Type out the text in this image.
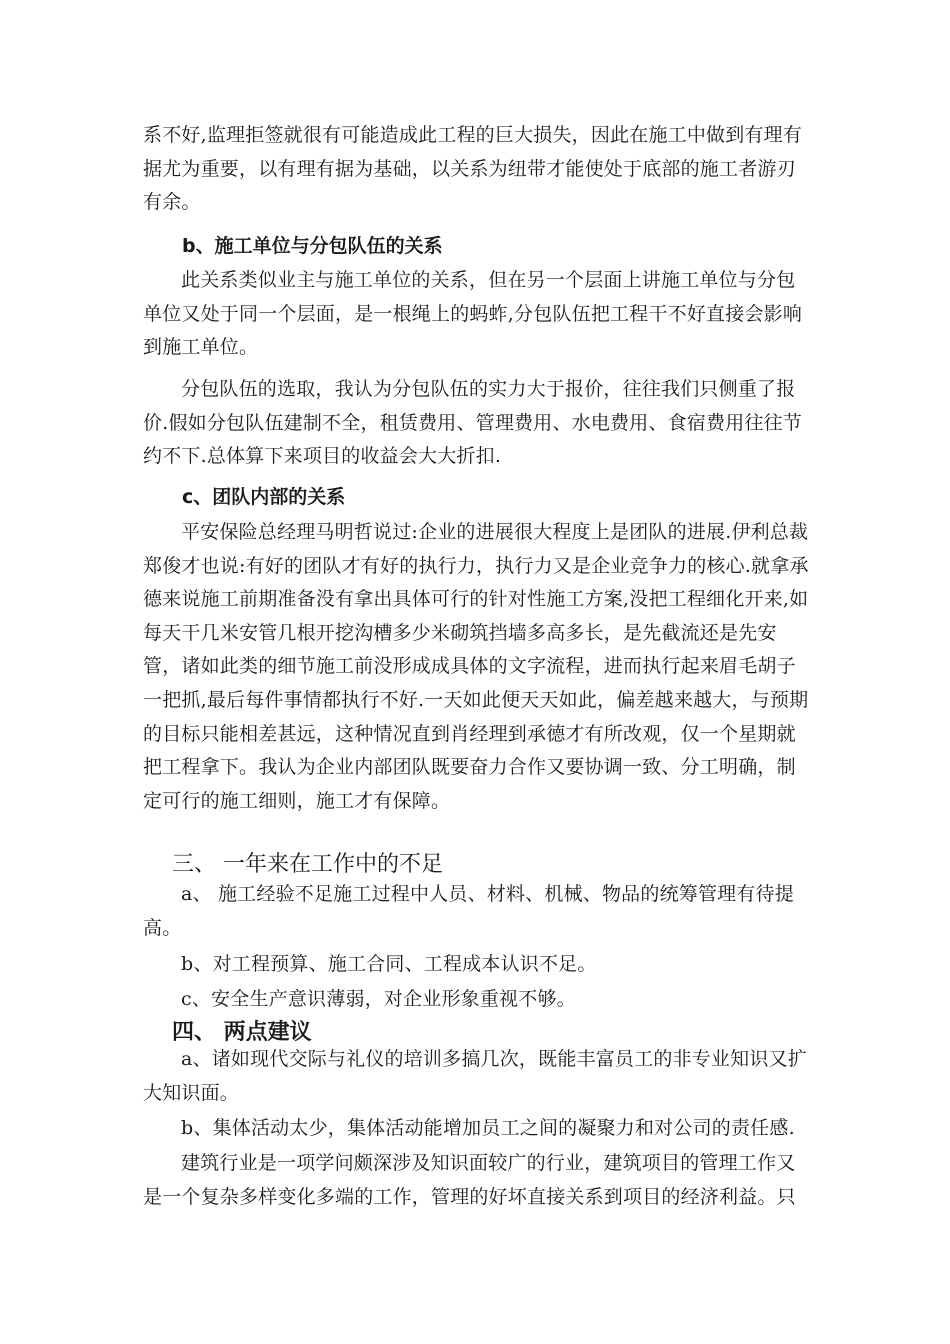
系不好,监理拒签就很有可能造成此工程的巨大损失，因此在施工中做到有理有据尤为重要，以有理有据为基础，以关系为纽带才能使处于底部的施工者游刃有余。

b、施工单位与分包队伍的关系

此关系类似业主与施工单位的关系，但在另一个层面上讲施工单位与分包单位又处于同一个层面，是一根绳上的蚂蚱,分包队伍把工程干不好直接会影响到施工单位。

分包队伍的选取，我认为分包队伍的实力大于报价，往往我们只侧重了报价.假如分包队伍建制不全，租赁费用、管理费用、水电费用、食宿费用往往节约不下.总体算下来项目的收益会大大折扣.

c、团队内部的关系

平安保险总经理马明哲说过:企业的进展很大程度上是团队的进展.伊利总裁郑俊才也说:有好的团队才有好的执行力，执行力又是企业竞争力的核心.就拿承德来说施工前期准备没有拿出具体可行的针对性施工方案,没把工程细化开来,如每天干几米安管几根开挖沟槽多少米砌筑挡墙多高多长，是先截流还是先安管，诸如此类的细节施工前没形成成具体的文字流程，进而执行起来眉毛胡子一把抓,最后每件事情都执行不好.一天如此便天天如此，偏差越来越大，与预期的目标只能相差甚远，这种情况直到肖经理到承德才有所改观，仅一个星期就把工程拿下。我认为企业内部团队既要奋力合作又要协调一致、分工明确，制定可行的施工细则，施工才有保障。

三、 一年来在工作中的不足

a、 施工经验不足施工过程中人员、材料、机械、物品的统筹管理有待提高。

b、对工程预算、施工合同、工程成本认识不足。

c、安全生产意识薄弱，对企业形象重视不够。

四、 两点建议

a、诸如现代交际与礼仪的培训多搞几次，既能丰富员工的非专业知识又扩大知识面。

b、集体活动太少，集体活动能增加员工之间的凝聚力和对公司的责任感.

建筑行业是一项学问颇深涉及知识面较广的行业，建筑项目的管理工作又是一个复杂多样变化多端的工作，管理的好坏直接关系到项目的经济利益。只
